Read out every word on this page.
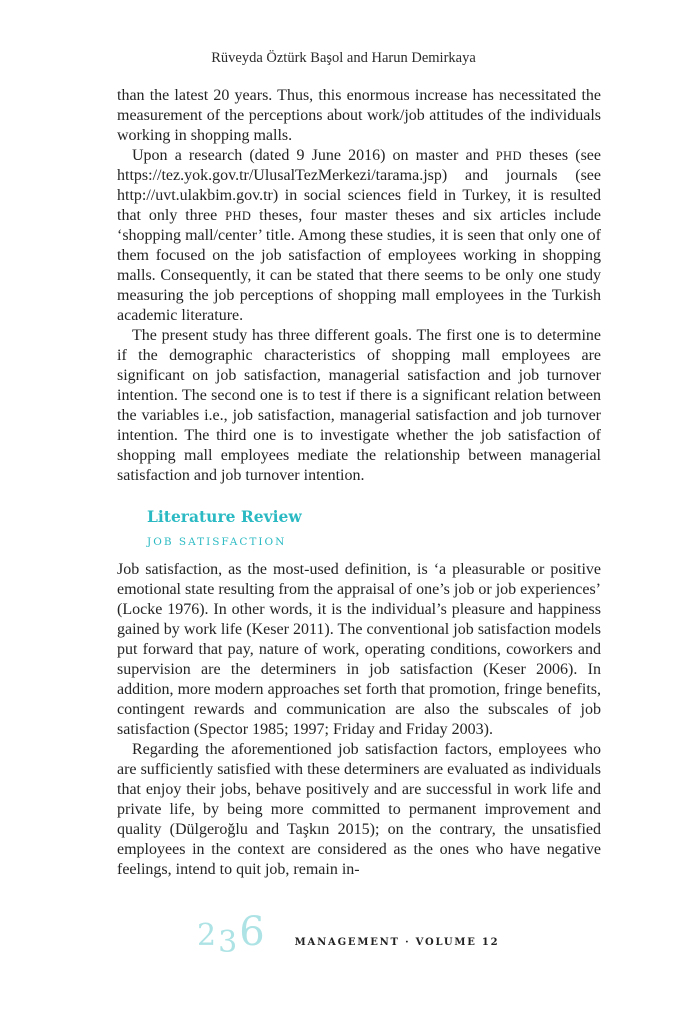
Rüveyda Öztürk Başol and Harun Demirkaya

than the latest 20 years. Thus, this enormous increase has necessitated the measurement of the perceptions about work/job attitudes of the individuals working in shopping malls.

Upon a research (dated 9 June 2016) on master and PHD theses (see https://tez.yok.gov.tr/UlusalTezMerkezi/tarama.jsp) and journals (see http://uvt.ulakbim.gov.tr) in social sciences field in Turkey, it is resulted that only three PHD theses, four master theses and six articles include ‘shopping mall/center’ title. Among these studies, it is seen that only one of them focused on the job satisfaction of employees working in shopping malls. Consequently, it can be stated that there seems to be only one study measuring the job perceptions of shopping mall employees in the Turkish academic literature.

The present study has three different goals. The first one is to determine if the demographic characteristics of shopping mall employees are significant on job satisfaction, managerial satisfaction and job turnover intention. The second one is to test if there is a significant relation between the variables i.e., job satisfaction, managerial satisfaction and job turnover intention. The third one is to investigate whether the job satisfaction of shopping mall employees mediate the relationship between managerial satisfaction and job turnover intention.

Literature Review
JOB SATISFACTION

Job satisfaction, as the most-used definition, is ‘a pleasurable or positive emotional state resulting from the appraisal of one’s job or job experiences’ (Locke 1976). In other words, it is the individual’s pleasure and happiness gained by work life (Keser 2011). The conventional job satisfaction models put forward that pay, nature of work, operating conditions, coworkers and supervision are the determiners in job satisfaction (Keser 2006). In addition, more modern approaches set forth that promotion, fringe benefits, contingent rewards and communication are also the subscales of job satisfaction (Spector 1985; 1997; Friday and Friday 2003).

Regarding the aforementioned job satisfaction factors, employees who are sufficiently satisfied with these determiners are evaluated as individuals that enjoy their jobs, behave positively and are successful in work life and private life, by being more committed to permanent improvement and quality (Dülgeroğlu and Taşkın 2015); on the contrary, the unsatisfied employees in the context are considered as the ones who have negative feelings, intend to quit job, remain in-

236	MANAGEMENT · VOLUME 12
